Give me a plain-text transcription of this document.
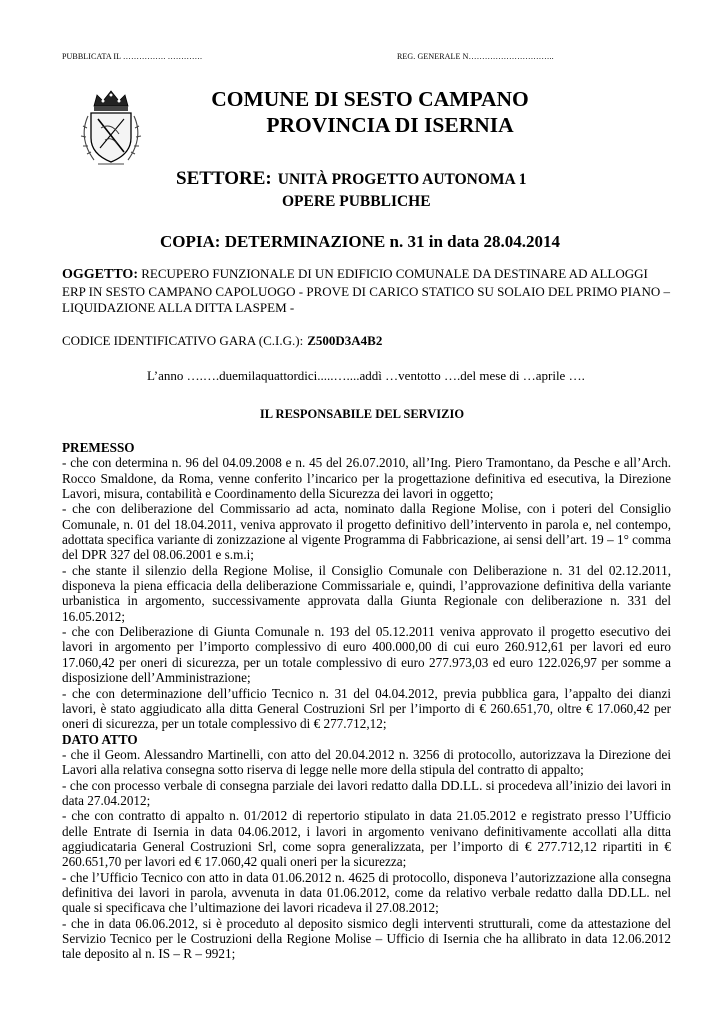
PUBBLICATA IL ……………. ………….	REG. GENERALE N…………………………..
COMUNE DI SESTO CAMPANO
PROVINCIA DI ISERNIA
SETTORE: UNITÀ PROGETTO AUTONOMA 1
OPERE PUBBLICHE
COPIA: DETERMINAZIONE n. 31 in data 28.04.2014
OGGETTO: RECUPERO FUNZIONALE DI UN EDIFICIO COMUNALE DA DESTINARE AD ALLOGGI ERP IN SESTO CAMPANO CAPOLUOGO - PROVE DI CARICO STATICO SU SOLAIO DEL PRIMO PIANO – LIQUIDAZIONE ALLA DITTA LASPEM -
CODICE IDENTIFICATIVO GARA (C.I.G.): Z500D3A4B2
L’anno ….….duemilaquattordici.....…....addì …ventotto ….del mese di …aprile ….
IL RESPONSABILE DEL SERVIZIO
PREMESSO
- che con determina n. 96 del 04.09.2008 e n. 45 del 26.07.2010, all’Ing. Piero Tramontano, da Pesche e all’Arch. Rocco Smaldone, da Roma, venne conferito l’incarico per la progettazione definitiva ed esecutiva, la Direzione Lavori, misura, contabilità e Coordinamento della Sicurezza dei lavori in oggetto;
- che con deliberazione del Commissario ad acta, nominato dalla Regione Molise, con i poteri del Consiglio Comunale, n. 01 del 18.04.2011, veniva approvato il progetto definitivo dell’intervento in parola e, nel contempo, adottata specifica variante di zonizzazione al vigente Programma di Fabbricazione, ai sensi dell’art. 19 – 1° comma del DPR 327 del 08.06.2001 e s.m.i;
- che stante il silenzio della Regione Molise, il Consiglio Comunale con Deliberazione n. 31 del 02.12.2011, disponeva la piena efficacia della deliberazione Commissariale e, quindi, l’approvazione definitiva della variante urbanistica in argomento, successivamente approvata dalla Giunta Regionale con deliberazione n. 331 del 16.05.2012;
- che con Deliberazione di Giunta Comunale n. 193 del 05.12.2011 veniva approvato il progetto esecutivo dei lavori in argomento per l’importo complessivo di euro 400.000,00 di cui euro 260.912,61 per lavori ed euro 17.060,42 per oneri di sicurezza, per un totale complessivo di euro 277.973,03 ed euro 122.026,97 per somme a disposizione dell’Amministrazione;
- che con determinazione dell’ufficio Tecnico n. 31 del 04.04.2012, previa pubblica gara, l’appalto dei dianzi lavori, è stato aggiudicato alla ditta General Costruzioni Srl per l’importo di € 260.651,70, oltre € 17.060,42 per oneri di sicurezza, per un totale complessivo di € 277.712,12;
DATO ATTO
- che il Geom. Alessandro Martinelli, con atto del 20.04.2012 n. 3256 di protocollo, autorizzava la Direzione dei Lavori alla relativa consegna sotto riserva di legge nelle more della stipula del contratto di appalto;
- che con processo verbale di consegna parziale dei lavori redatto dalla DD.LL. si procedeva all’inizio dei lavori in data 27.04.2012;
- che con contratto di appalto n. 01/2012 di repertorio stipulato in data 21.05.2012 e registrato presso l’Ufficio delle Entrate di Isernia in data 04.06.2012, i lavori in argomento venivano definitivamente accollati alla ditta aggiudicataria General Costruzioni Srl, come sopra generalizzata, per l’importo di € 277.712,12 ripartiti in € 260.651,70 per lavori ed € 17.060,42 quali oneri per la sicurezza;
- che l’Ufficio Tecnico con atto in data 01.06.2012 n. 4625 di protocollo, disponeva l’autorizzazione alla consegna definitiva dei lavori in parola, avvenuta in data 01.06.2012, come da relativo verbale redatto dalla DD.LL. nel quale si specificava che l’ultimazione dei lavori ricadeva il 27.08.2012;
- che in data 06.06.2012, si è proceduto al deposito sismico degli interventi strutturali, come da attestazione del Servizio Tecnico per le Costruzioni della Regione Molise – Ufficio di Isernia che ha allibrato in data 12.06.2012 tale deposito al n. IS – R – 9921;
